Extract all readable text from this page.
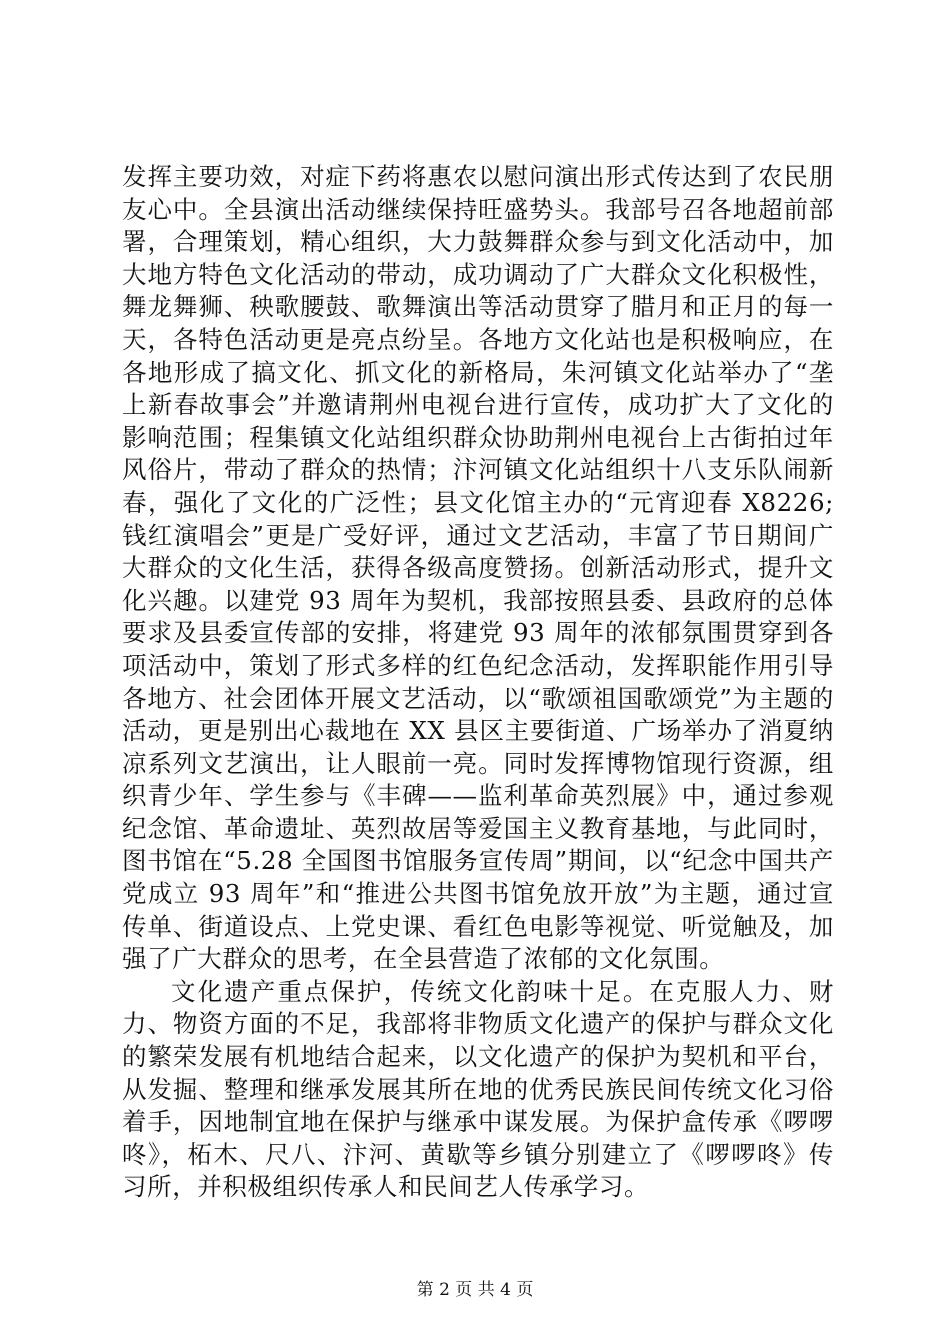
发挥主要功效，对症下药将惠农以慰问演出形式传达到了农民朋友心中。全县演出活动继续保持旺盛势头。我部号召各地超前部署，合理策划，精心组织，大力鼓舞群众参与到文化活动中，加大地方特色文化活动的带动，成功调动了广大群众文化积极性，舞龙舞狮、秧歌腰鼓、歌舞演出等活动贯穿了腊月和正月的每一天，各特色活动更是亮点纷呈。各地方文化站也是积极响应，在各地形成了搞文化、抓文化的新格局，朱河镇文化站举办了“垄上新春故事会”并邀请荆州电视台进行宣传，成功扩大了文化的影响范围；程集镇文化站组织群众协助荆州电视台上古街拍过年风俗片，带动了群众的热情；汴河镇文化站组织十八支乐队闹新春，强化了文化的广泛性；县文化馆主办的“元宵迎春 X8226;钱红演唱会”更是广受好评，通过文艺活动，丰富了节日期间广大群众的文化生活，获得各级高度赞扬。创新活动形式，提升文化兴趣。以建党 93 周年为契机，我部按照县委、县政府的总体要求及县委宣传部的安排，将建党 93 周年的浓郁氛围贯穿到各项活动中，策划了形式多样的红色纪念活动，发挥职能作用引导各地方、社会团体开展文艺活动，以“歌颂祖国歌颂党”为主题的活动，更是别出心裁地在 XX 县区主要街道、广场举办了消夏纳凉系列文艺演出，让人眼前一亮。同时发挥博物馆现行资源，组织青少年、学生参与《丰碑——监利革命英烈展》中，通过参观纪念馆、革命遗址、英烈故居等爱国主义教育基地，与此同时，图书馆在“5.28 全国图书馆服务宣传周”期间，以“纪念中国共产党成立 93 周年”和“推进公共图书馆免放开放”为主题，通过宣传单、街道设点、上党史课、看红色电影等视觉、听觉触及，加强了广大群众的思考，在全县营造了浓郁的文化氛围。

文化遗产重点保护，传统文化韵味十足。在克服人力、财力、物资方面的不足，我部将非物质文化遗产的保护与群众文化的繁荣发展有机地结合起来，以文化遗产的保护为契机和平台，从发掘、整理和继承发展其所在地的优秀民族民间传统文化习俗着手，因地制宜地在保护与继承中谋发展。为保护盒传承《啰啰咚》，柘木、尺八、汴河、黄歇等乡镇分别建立了《啰啰咚》传习所，并积极组织传承人和民间艺人传承学习。

第 2 页 共 4 页
